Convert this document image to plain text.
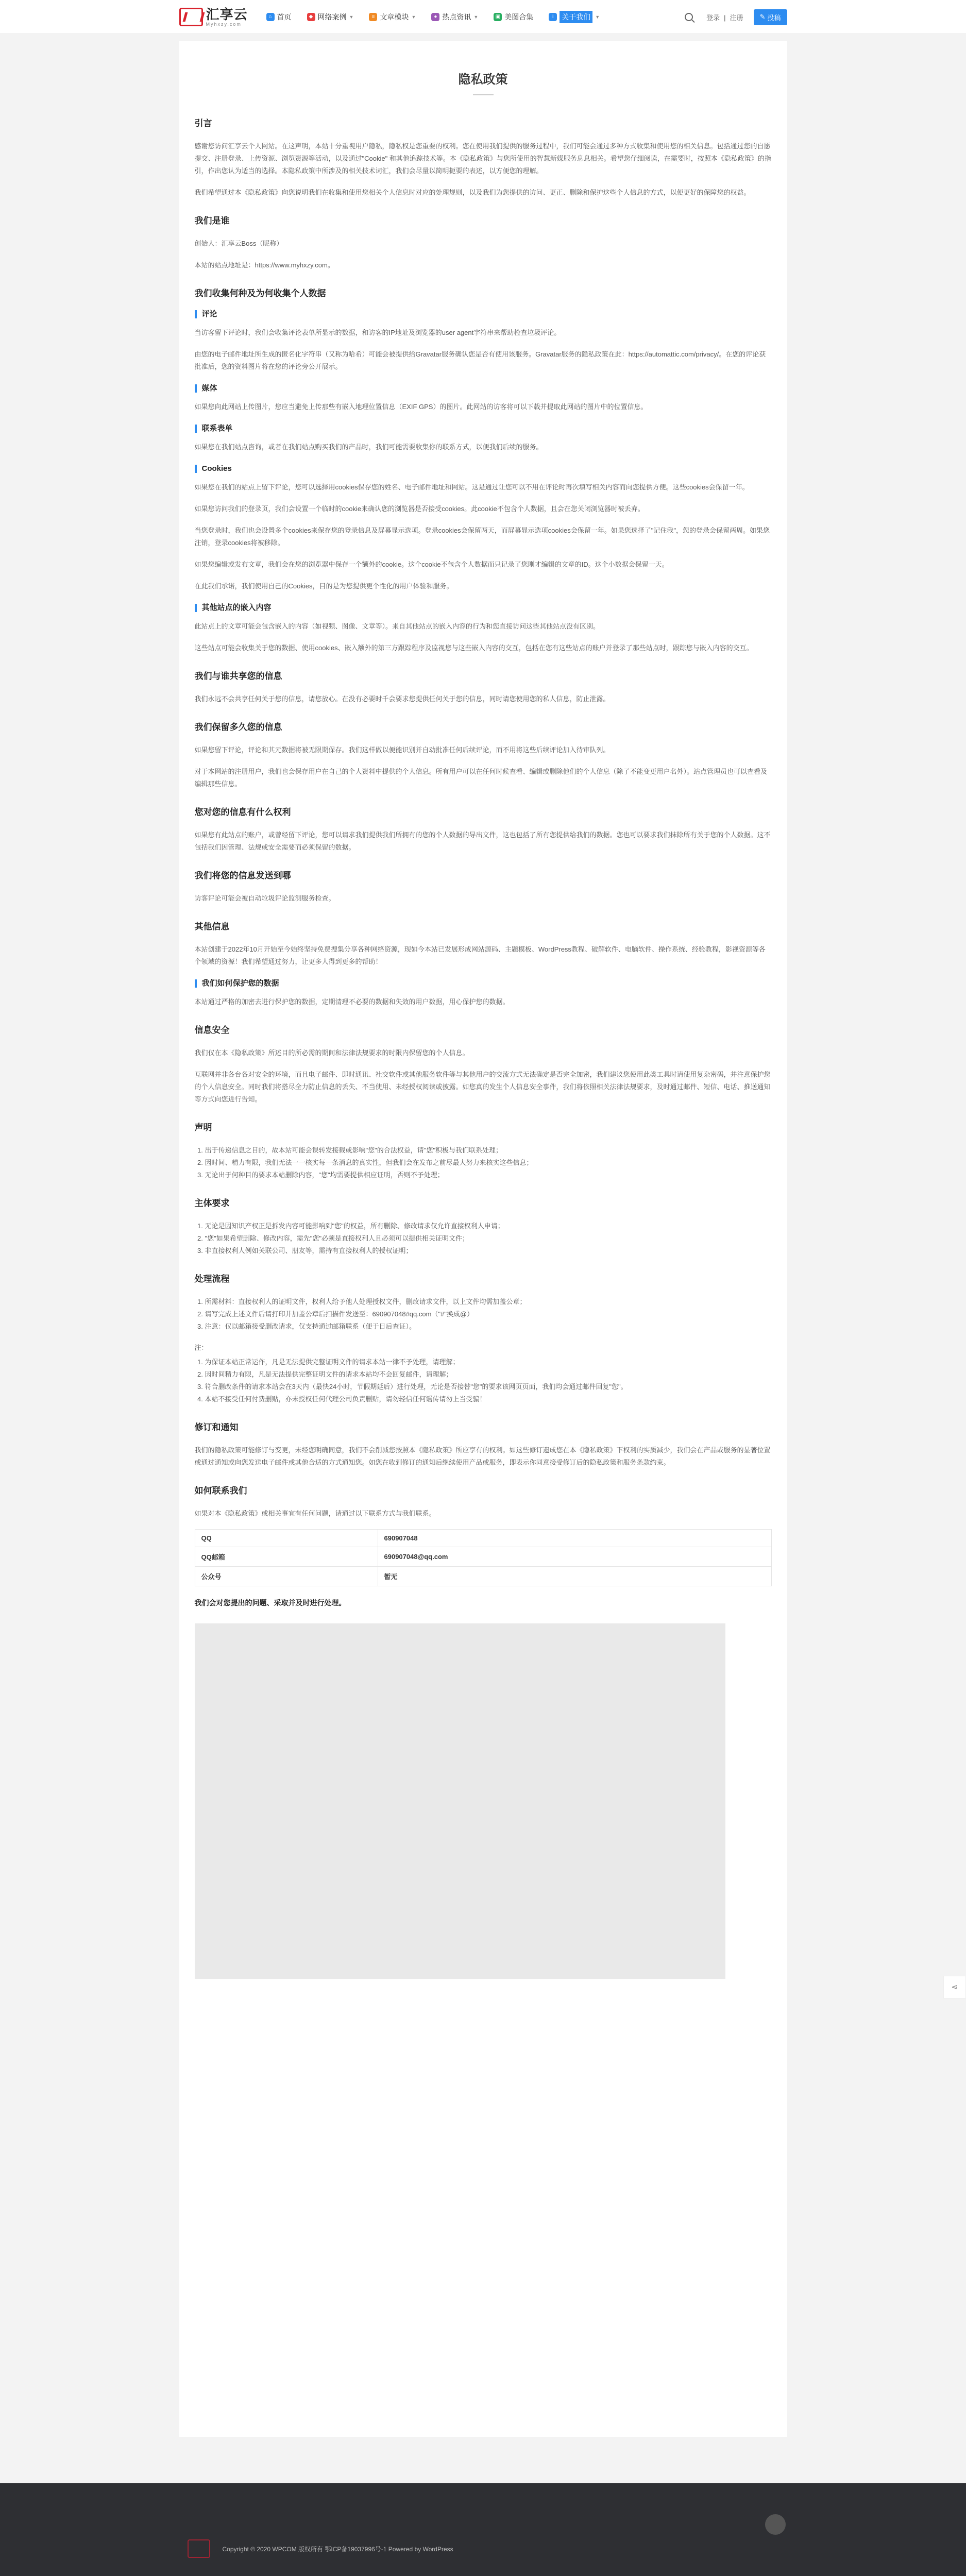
汇享云
Myhxzy.com
⌂ 首页	◆ 网络案例 ▼	≡ 文章模块 ▼	● 热点资讯 ▼	▣ 美图合集	i	关于我们	▼	登录 | 注册	✎ 投稿
隐私政策
引言

感谢您访问汇享云个人网站。在这声明，本站十分重视用户隐私，隐私权是您重要的权利。您在使用我们提供的服务过程中，我们可能会通过多种方式收集和使用您的相关信息。包括通过您的自愿提交、注册登录、上传资源、浏览资源等活动，以及通过"Cookie" 和其他追踪技术等。本《隐私政策》与您所使用的智慧新媒服务息息相关。希望您仔细阅读，在需要时，按照本《隐私政策》的指引，作出您认为适当的选择。本隐私政策中所涉及的相关技术词汇，我们会尽量以简明扼要的表述，以方便您的理解。

我们希望通过本《隐私政策》向您说明我们在收集和使用您相关个人信息时对应的处理规则，以及我们为您提供的访问、更正、删除和保护这些个人信息的方式，以便更好的保障您的权益。

我们是谁

创始人：汇享云Boss（昵称）

本站的站点地址是：https://www.myhxzy.com。

我们收集何种及为何收集个人数据
评论

当访客留下评论时，我们会收集评论表单所显示的数据，和访客的IP地址及浏览器的user agent字符串来帮助检查垃圾评论。

由您的电子邮件地址所生成的匿名化字符串（又称为哈希）可能会被提供给Gravatar服务确认您是否有使用该服务。Gravatar服务的隐私政策在此：https://automattic.com/privacy/。在您的评论获批准后，您的资料图片将在您的评论旁公开展示。

媒体

如果您向此网站上传图片，您应当避免上传那些有嵌入地理位置信息（EXIF GPS）的图片。此网站的访客将可以下载并提取此网站的图片中的位置信息。

联系表单

如果您在我们站点咨询，或者在我们站点购买我们的产品时，我们可能需要收集你的联系方式，以便我们后续的服务。

Cookies

如果您在我们的站点上留下评论，您可以选择用cookies保存您的姓名、电子邮件地址和网站。这是通过让您可以不用在评论时再次填写相关内容而向您提供方便。这些cookies会保留一年。

如果您访问我们的登录页，我们会设置一个临时的cookie来确认您的浏览器是否接受cookies。此cookie不包含个人数据，且会在您关闭浏览器时被丢弃。

当您登录时，我们也会设置多个cookies来保存您的登录信息及屏幕显示选项。登录cookies会保留两天，而屏幕显示选项cookies会保留一年。如果您选择了"记住我"，您的登录会保留两周。如果您注销，登录cookies将被移除。

如果您编辑或发布文章，我们会在您的浏览器中保存一个额外的cookie。这个cookie不包含个人数据而只记录了您刚才编辑的文章的ID。这个小数据会保留一天。

在此我们承诺，我们使用自己的Cookies，目的是为您提供更个性化的用户体验和服务。

其他站点的嵌入内容

此站点上的文章可能会包含嵌入的内容（如视频、图像、文章等）。来自其他站点的嵌入内容的行为和您直接访问这些其他站点没有区别。

这些站点可能会收集关于您的数据、使用cookies、嵌入额外的第三方跟踪程序及监视您与这些嵌入内容的交互，包括在您有这些站点的账户并登录了那些站点时，跟踪您与嵌入内容的交互。

我们与谁共享您的信息

我们永远不会共享任何关于您的信息，请您放心。在没有必要时千会要求您提供任何关于您的信息，同时请您使用您的私人信息，防止泄露。

我们保留多久您的信息

如果您留下评论，评论和其元数据将被无限期保存。我们这样做以便能识别并自动批准任何后续评论，而不用将这些后续评论加入待审队列。

对于本网站的注册用户，我们也会保存用户在自己的个人资料中提供的个人信息。所有用户可以在任何时候查看、编辑或删除他们的个人信息（除了不能变更用户名外）。站点管理员也可以查看及编辑那些信息。

您对您的信息有什么权利

如果您有此站点的账户，或曾经留下评论，您可以请求我们提供我们所拥有的您的个人数据的导出文件，这也包括了所有您提供给我们的数据。您也可以要求我们抹除所有关于您的个人数据。这不包括我们因管理、法规或安全需要而必须保留的数据。

我们将您的信息发送到哪

访客评论可能会被自动垃圾评论监测服务检查。

其他信息

本站创建于2022年10月开始至今始终坚持免费搜集分享各种网络资源，现如今本站已发展形成网站源码、主题模板、WordPress教程、破解软件、电脑软件、操作系统、经验教程，影视资源等各个领域的资源！我们希望通过努力，让更多人得到更多的帮助！

我们如何保护您的数据

本站通过严格的加密去进行保护您的数据，定期清理不必要的数据和失效的用户数据，用心保护您的数据。

信息安全

我们仅在本《隐私政策》所述目的所必需的期间和法律法规要求的时限内保留您的个人信息。

互联网并非各台各对安全的环境，而且电子邮件、即时通讯、社交软件或其他服务软件等与其他用户的交流方式无法确定是否完全加密，我们建议您使用此类工具时请使用复杂密码，并注意保护您的个人信息安全。同时我们将搭尽全力防止信息的丢失、不当使用、未经授权阅读或披露。如您真的发生个人信息安全事件，我们将依照相关法律法规要求，及时通过邮件、短信、电话、推送通知等方式向您进行告知。

声明
1. 出于传递信息之目的，故本站可能会误转发接载或影响"您"的合法权益，请"您"积极与我们联系处理；
2. 因时间、精力有限，我们无法一一核实每一条消息的真实性，但我们会在发布之前尽最大努力来核实这些信息；
3. 无论出于何种目的要求本站删除内容，"您"均需要提供相应证明，否则不予处理；
主体要求
1. 无论是因知识产权正是拆发内容可能影响到"您"的权益，所有删除、修改请求仅允许直接权利人申请；
2. "您"如果希望删除、修改内容，需先"您"必须是直接权利人且必须可以提供相关证明文件；
3. 非直接权利人例如关联公司、朋友等，需持有直接权利人的授权证明；
处理流程
1. 所需材料：直接权利人的证明文件，权利人给予他人处理授权文件，删改请求文件，以上文件均需加盖公章；
2. 请写完成上述文件后请打印并加盖公章后扫描件发送至：690907048#qq.com（"#"换成@）
3. 注意：仅以邮箱接受删改请求，仅支持通过邮箱联系（便于日后查证）。
注：
1. 为保证本站正常运作，凡是无法提供完整证明文件的请求本站一律不予处理，请理解；
2. 因时间精力有限，凡是无法提供完整证明文件的请求本站均不会回复邮件，请理解；
3. 符合删改条件的请求本站会在3天内（最快24小时，节假期延后）进行处理，无论是否接替"您"的要求该网页页面，我们均会通过邮件回复"您"。
4. 本站不接受任何付费删贴，亦未授权任何代理公司负责删贴，请勿轻信任何谣传请勿上当受骗！
修订和通知

我们的隐私政策可能修订与变更，未经您明确同意，我们不会削减您按照本《隐私政策》所应享有的权利。如这些修订遗成您在本《隐私政策》下权利的实质减少，我们会在产品或服务的显著位置或通过通知或向您发送电子邮件或其他合适的方式通知您。如您在收到修订的通知后继续使用产品或服务，即表示你同意接受修订后的隐私政策和服务条款约束。

如何联系我们

如果对本《隐私政策》或相关事宜有任何问题，请通过以下联系方式与我们联系。

QQ	690907048
QQ邮箱	690907048@qq.com
公众号	暂无
我们会对您提出的问题、采取并及时进行处理。
⋖
Copyright © 2020 WPCOM 版权所有 鄂ICP备19037996号-1 Powered by WordPress
